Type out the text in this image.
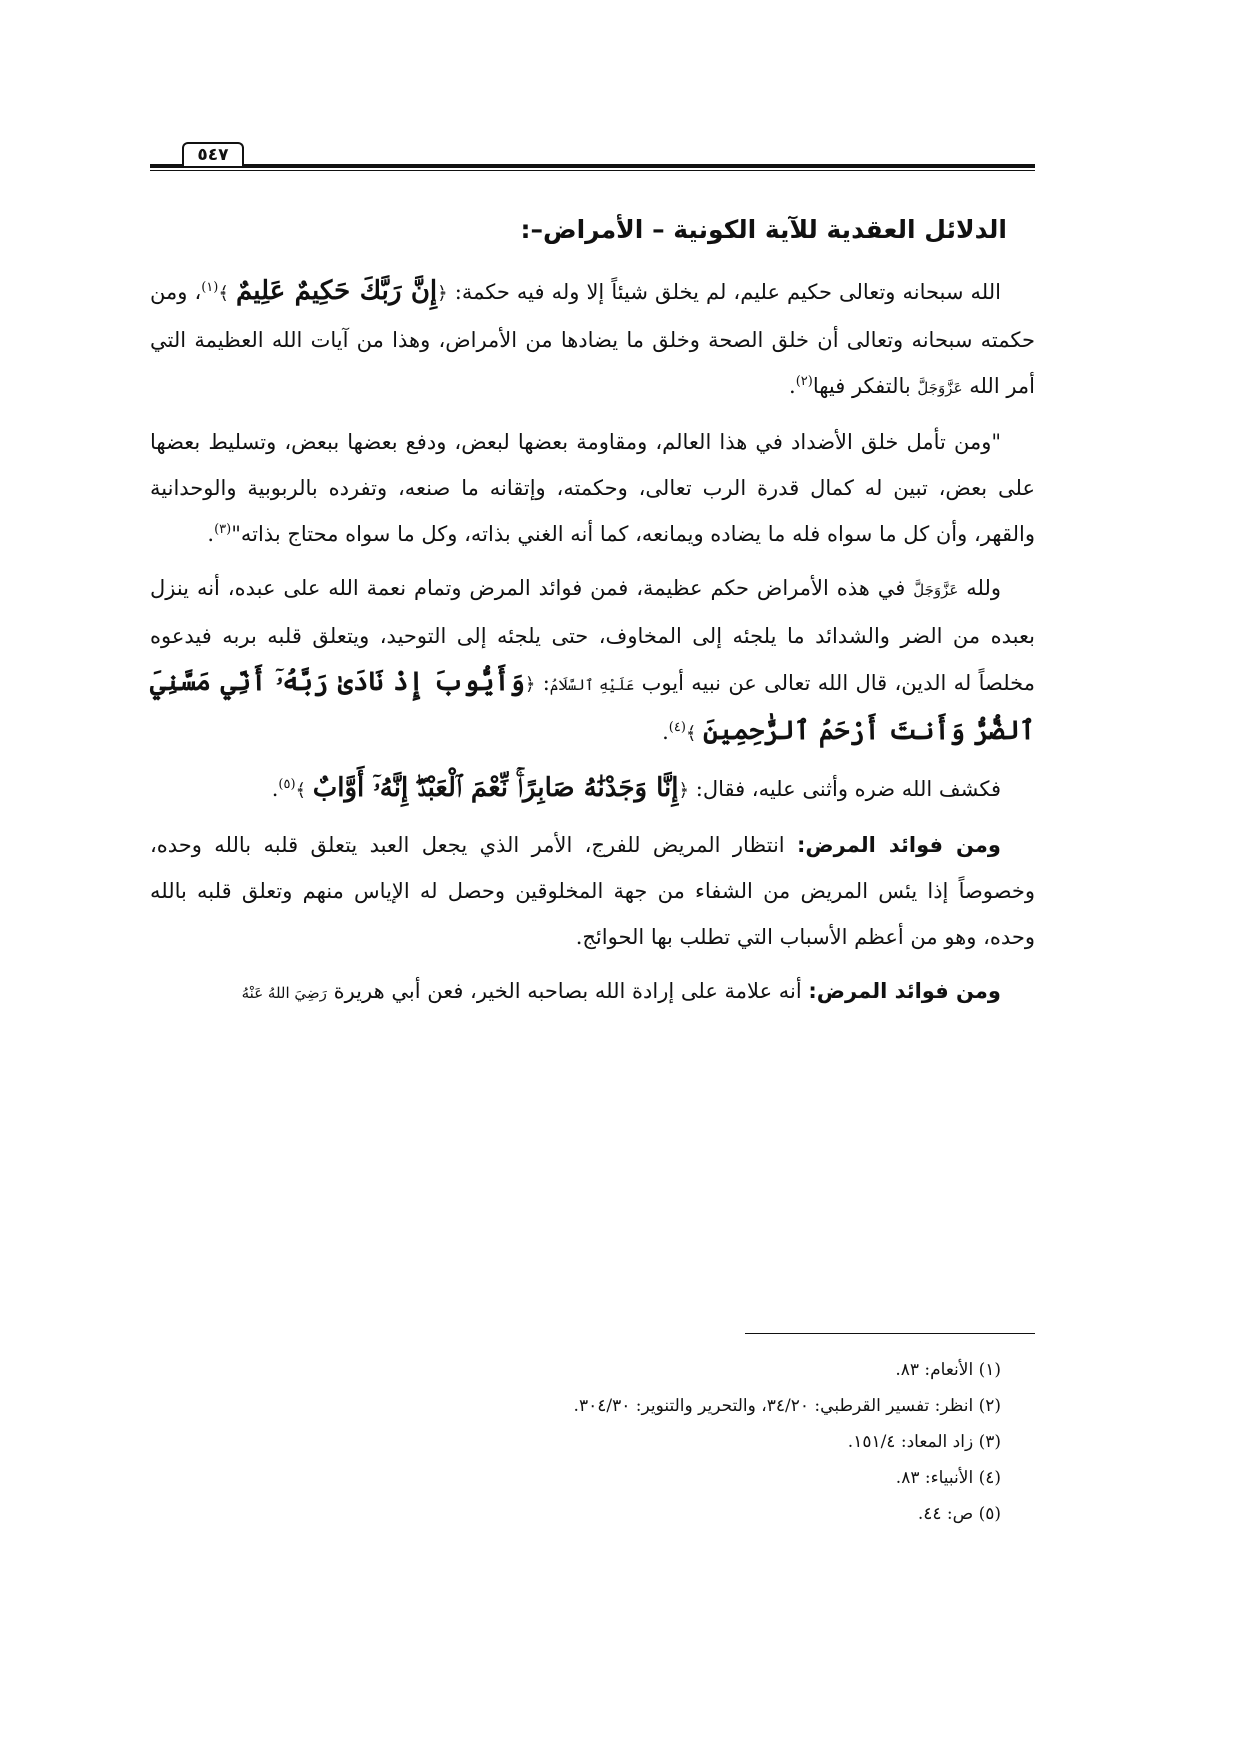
٥٤٧
الدلائل العقدية للآية الكونية – الأمراض–:

الله سبحانه وتعالى حكيم عليم، لم يخلق شيئاً إلا وله فيه حكمة: ﴿إِنَّ رَبَّكَ حَكِيمٌ عَلِيمٌ ﴾$^{(١)}$، ومن حكمته سبحانه وتعالى أن خلق الصحة وخلق ما يضادها من الأمراض، وهذا من آيات الله العظيمة التي أمر الله عَزَّوَجَلَّ بالتفكر فيها$^{(٢)}$.

"ومن تأمل خلق الأضداد في هذا العالم، ومقاومة بعضها لبعض، ودفع بعضها ببعض، وتسليط بعضها على بعض، تبين له كمال قدرة الرب تعالى، وحكمته، وإتقانه ما صنعه، وتفرده بالربوبية والوحدانية والقهر، وأن كل ما سواه فله ما يضاده ويمانعه، كما أنه الغني بذاته، وكل ما سواه محتاج بذاته"$^{(٣)}$.

ولله عَزَّوَجَلَّ في هذه الأمراض حكم عظيمة، فمن فوائد المرض وتمام نعمة الله على عبده، أنه ينزل بعبده من الضر والشدائد ما يلجئه إلى المخاوف، حتى يلجئه إلى التوحيد، ويتعلق قلبه بربه فيدعوه مخلصاً له الدين، قال الله تعالى عن نبيه أيوب عَلَيْهِ ٱلسَّلَامُ: ﴿وَأَيُّوبَ إِذْ نَادَىٰ رَبَّهُۥٓ أَنِّي مَسَّنِيَ ٱلضُّرُّ وَأَنتَ أَرْحَمُ ٱلرَّٰحِمِينَ ﴾$^{(٤)}$.

فكشف الله ضره وأثنى عليه، فقال: ﴿إِنَّا وَجَدْنَٰهُ صَابِرًاۚ نِّعْمَ ٱلْعَبْدُۖ إِنَّهُۥٓ أَوَّابٌ ﴾$^{(٥)}$.

ومن فوائد المرض: انتظار المريض للفرج، الأمر الذي يجعل العبد يتعلق قلبه بالله وحده، وخصوصاً إذا يئس المريض من الشفاء من جهة المخلوقين وحصل له الإياس منهم وتعلق قلبه بالله وحده، وهو من أعظم الأسباب التي تطلب بها الحوائج.

ومن فوائد المرض: أنه علامة على إرادة الله بصاحبه الخير، فعن أبي هريرة رَضِيَ اللهُ عَنْهُ

(١) الأنعام: ٨٣.
(٢) انظر: تفسير القرطبي: ٣٤/٢٠، والتحرير والتنوير: ٣٠٤/٣٠.
(٣) زاد المعاد: ١٥١/٤.
(٤) الأنبياء: ٨٣.
(٥) ص: ٤٤.
